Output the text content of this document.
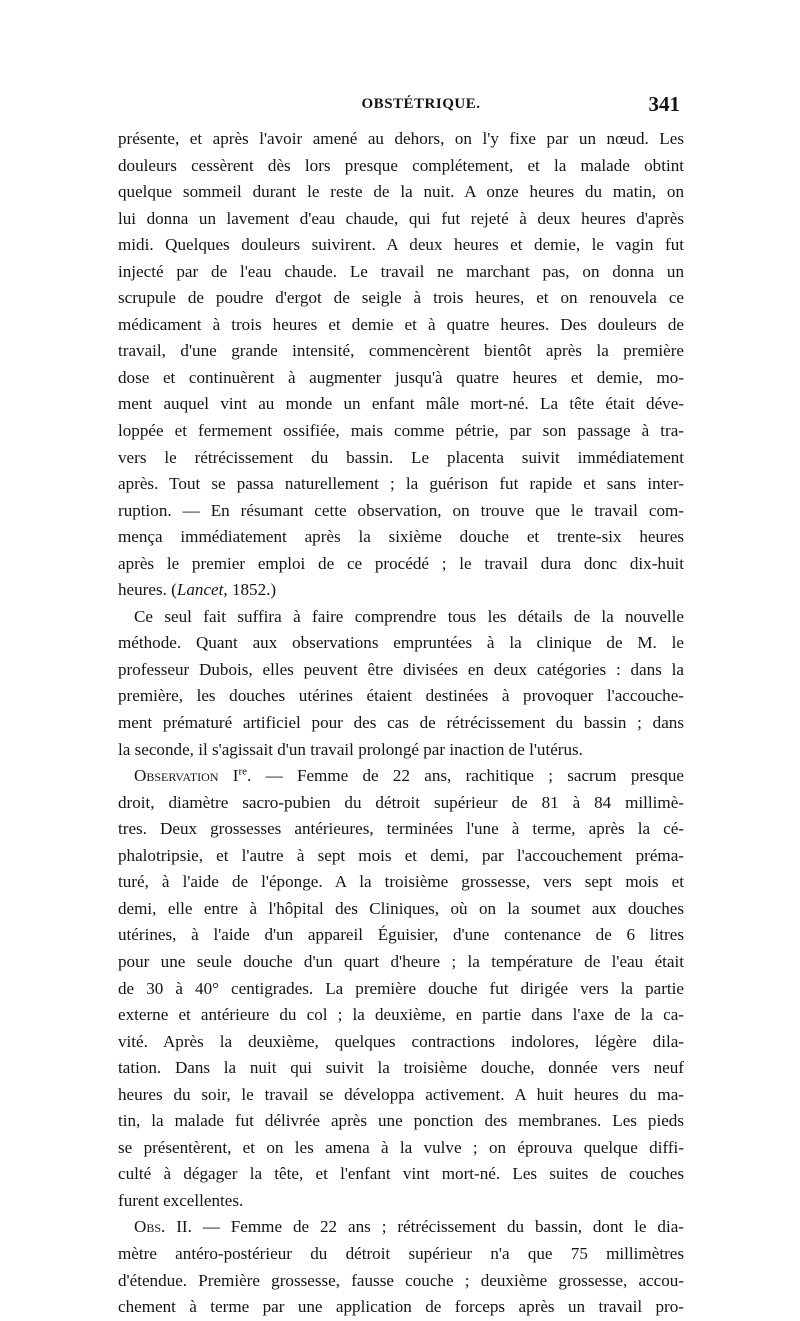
OBSTÉTRIQUE.	341
présente, et après l'avoir amené au dehors, on l'y fixe par un nœud. Les
douleurs cessèrent dès lors presque complétement, et la malade obtint
quelque sommeil durant le reste de la nuit. A onze heures du matin, on
lui donna un lavement d'eau chaude, qui fut rejeté à deux heures d'après
midi. Quelques douleurs suivirent. A deux heures et demie, le vagin fut
injecté par de l'eau chaude. Le travail ne marchant pas, on donna un
scrupule de poudre d'ergot de seigle à trois heures, et on renouvela ce
médicament à trois heures et demie et à quatre heures. Des douleurs de
travail, d'une grande intensité, commencèrent bientôt après la première
dose et continuèrent à augmenter jusqu'à quatre heures et demie, mo-
ment auquel vint au monde un enfant mâle mort-né. La tête était déve-
loppée et fermement ossifiée, mais comme pétrie, par son passage à tra-
vers le rétrécissement du bassin. Le placenta suivit immédiatement
après. Tout se passa naturellement ; la guérison fut rapide et sans inter-
ruption. — En résumant cette observation, on trouve que le travail com-
mença immédiatement après la sixième douche et trente-six heures
après le premier emploi de ce procédé ; le travail dura donc dix-huit
heures. (Lancet, 1852.)
Ce seul fait suffira à faire comprendre tous les détails de la nouvelle
méthode. Quant aux observations empruntées à la clinique de M. le
professeur Dubois, elles peuvent être divisées en deux catégories : dans la
première, les douches utérines étaient destinées à provoquer l'accouche-
ment prématuré artificiel pour des cas de rétrécissement du bassin ; dans
la seconde, il s'agissait d'un travail prolongé par inaction de l'utérus.
Observation Ire. — Femme de 22 ans, rachitique ; sacrum presque
droit, diamètre sacro-pubien du détroit supérieur de 81 à 84 millimè-
tres. Deux grossesses antérieures, terminées l'une à terme, après la cé-
phalotripsie, et l'autre à sept mois et demi, par l'accouchement préma-
turé, à l'aide de l'éponge. A la troisième grossesse, vers sept mois et
demi, elle entre à l'hôpital des Cliniques, où on la soumet aux douches
utérines, à l'aide d'un appareil Éguisier, d'une contenance de 6 litres
pour une seule douche d'un quart d'heure ; la température de l'eau était
de 30 à 40° centigrades. La première douche fut dirigée vers la partie
externe et antérieure du col ; la deuxième, en partie dans l'axe de la ca-
vité. Après la deuxième, quelques contractions indolores, légère dila-
tation. Dans la nuit qui suivit la troisième douche, donnée vers neuf
heures du soir, le travail se développa activement. A huit heures du ma-
tin, la malade fut délivrée après une ponction des membranes. Les pieds
se présentèrent, et on les amena à la vulve ; on éprouva quelque diffi-
culté à dégager la tête, et l'enfant vint mort-né. Les suites de couches
furent excellentes.
Obs. II. — Femme de 22 ans ; rétrécissement du bassin, dont le dia-
mètre antéro-postérieur du détroit supérieur n'a que 75 millimètres
d'étendue. Première grossesse, fausse couche ; deuxième grossesse, accou-
chement à terme par une application de forceps après un travail pro-
